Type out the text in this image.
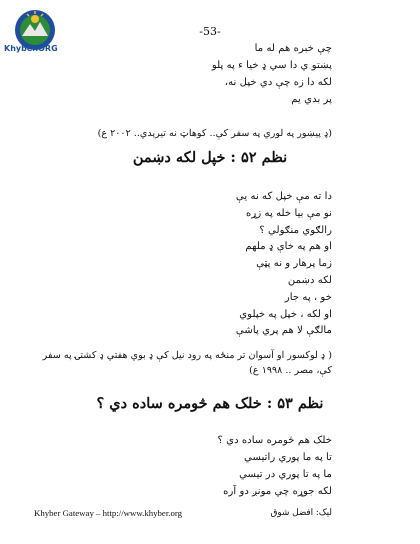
Khyber.ORG
-53-
چې خبره هم له ما
پښتو ي دا سي ډ خيا ء په پلو
لکه دا زه چې دي خپل نه،
پر بدي يم
(ډ پيښور په لوري په سفر کې.. کوهاټ نه تيرېدي.. ۲۰۰۲ ع)
نظم ۵۲ : خپل لکه دښمن
دا ته مې خپل که نه يې
نو مې بيا خله په زړه
رالګوي منګولي ؟
او هم په خاې ډ ملهم
زما پرهار و نه پټې
لکه دښمن
خو ، په جار
او لکه ، خپل په خپلوي
مالګې لا هم پري پاشې
( ډ لوکسور او آسوان تر منځه په رود نيل کې ډ بوي هفتي ډ کشتۍ په سفر کې، مصر .. ۱۹۹۸ ع)
نظم ۵۳ : خلک هم څومره ساده دي ؟
خلک هم څومره ساده دي ؟
تا په ما پوري راتيسي
ما په تا پوري در تيسي
لکه جوړه چي مونږ دو آره
Khyber Gateway – http://www.khyber.org	ليک: افضل شوق
